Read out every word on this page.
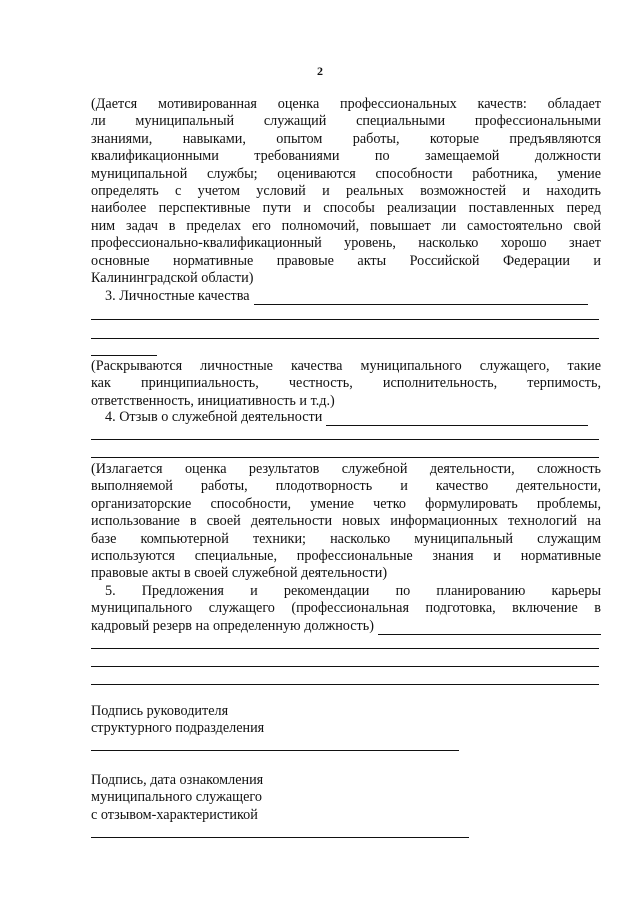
2
(Дается мотивированная оценка профессиональных качеств: обладает
ли муниципальный служащий специальными профессиональными
знаниями, навыками, опытом работы, которые предъявляются
квалификационными требованиями по замещаемой должности
муниципальной службы; оцениваются способности работника, умение
определять с учетом условий и реальных возможностей и находить
наиболее перспективные пути и способы реализации поставленных перед
ним задач в пределах его полномочий, повышает ли самостоятельно свой
профессионально-квалификационный уровень, насколько хорошо знает
основные нормативные правовые акты Российской Федерации и
Калининградской области)
3. Личностные качества
(Раскрываются личностные качества муниципального служащего, такие
как принципиальность, честность, исполнительность, терпимость,
ответственность, инициативность и т.д.)
4. Отзыв о служебной деятельности
(Излагается оценка результатов служебной деятельности, сложность
выполняемой работы, плодотворность и качество деятельности,
организаторские способности, умение четко формулировать проблемы,
использование в своей деятельности новых информационных технологий на
базе компьютерной техники; насколько муниципальный служащим
используются специальные, профессиональные знания и нормативные
правовые акты в своей служебной деятельности)
5. Предложения и рекомендации по планированию карьеры
муниципального служащего (профессиональная подготовка, включение в
кадровый резерв на определенную должность)
Подпись руководителя
структурного подразделения
Подпись, дата ознакомления
муниципального служащего
с отзывом-характеристикой
